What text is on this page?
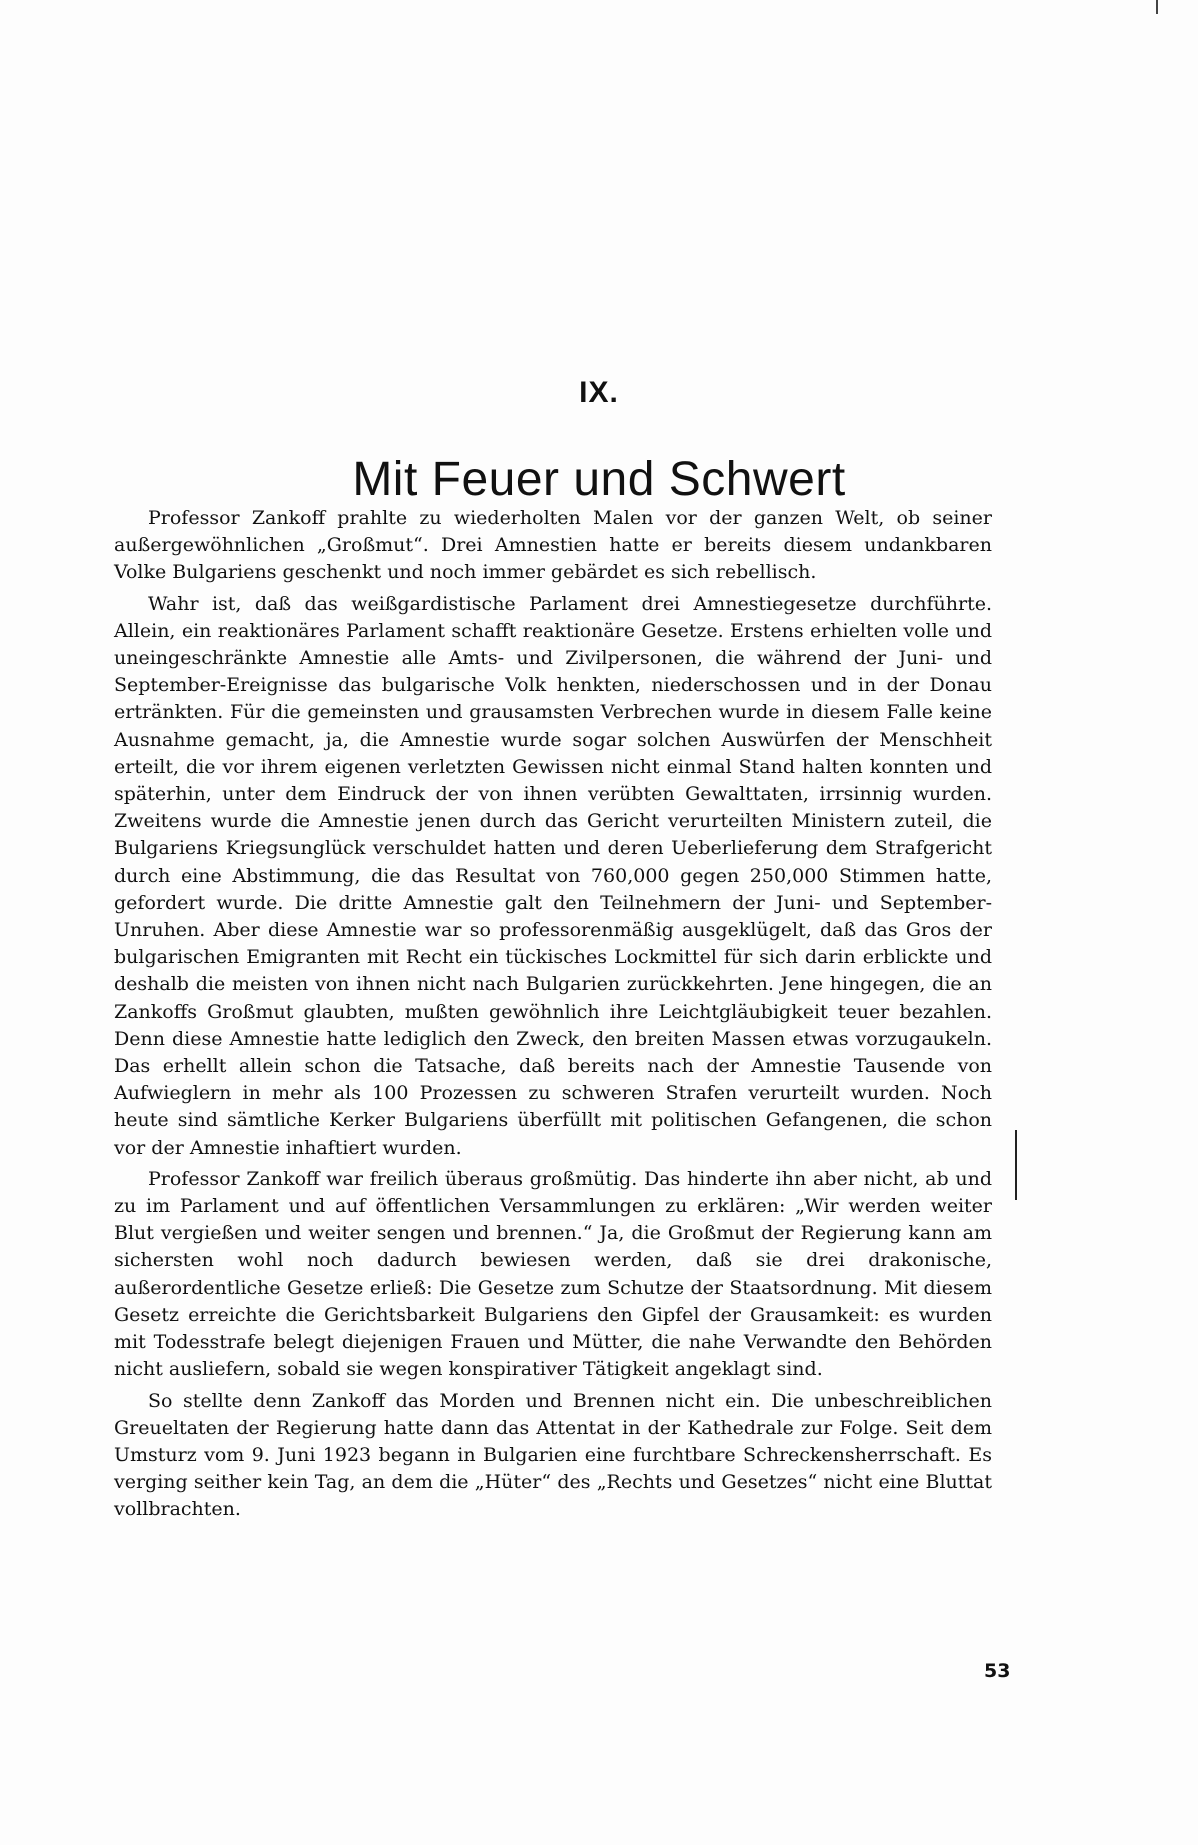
IX.
Mit Feuer und Schwert

Professor Zankoff prahlte zu wiederholten Malen vor der ganzen Welt, ob seiner außergewöhnlichen „Großmut“. Drei Amnestien hatte er bereits diesem undankbaren Volke Bulgariens geschenkt und noch immer gebärdet es sich rebellisch.

Wahr ist, daß das weißgardistische Parlament drei Amnestiegesetze durchführte. Allein, ein reaktionäres Parlament schafft reaktionäre Gesetze. Erstens erhielten volle und uneingeschränkte Amnestie alle Amts- und Zivilpersonen, die während der Juni- und September-Ereignisse das bulgarische Volk henkten, niederschossen und in der Donau ertränkten. Für die gemeinsten und grausamsten Verbrechen wurde in diesem Falle keine Ausnahme gemacht, ja, die Amnestie wurde sogar solchen Auswürfen der Menschheit erteilt, die vor ihrem eigenen verletzten Gewissen nicht einmal Stand halten konnten und späterhin, unter dem Eindruck der von ihnen verübten Gewalttaten, irrsinnig wurden. Zweitens wurde die Amnestie jenen durch das Gericht verurteilten Ministern zuteil, die Bulgariens Kriegsunglück verschuldet hatten und deren Ueberlieferung dem Strafgericht durch eine Abstimmung, die das Resultat von 760,000 gegen 250,000 Stimmen hatte, gefordert wurde. Die dritte Amnestie galt den Teilnehmern der Juni- und September-Unruhen. Aber diese Amnestie war so professorenmäßig ausgeklügelt, daß das Gros der bulgarischen Emigranten mit Recht ein tückisches Lockmittel für sich darin erblickte und deshalb die meisten von ihnen nicht nach Bulgarien zurückkehrten. Jene hingegen, die an Zankoffs Großmut glaubten, mußten gewöhnlich ihre Leichtgläubigkeit teuer bezahlen. Denn diese Amnestie hatte lediglich den Zweck, den breiten Massen etwas vorzugaukeln. Das erhellt allein schon die Tatsache, daß bereits nach der Amnestie Tausende von Aufwieglern in mehr als 100 Prozessen zu schweren Strafen verurteilt wurden. Noch heute sind sämtliche Kerker Bulgariens überfüllt mit politischen Gefangenen, die schon vor der Amnestie inhaftiert wurden.

Professor Zankoff war freilich überaus großmütig. Das hinderte ihn aber nicht, ab und zu im Parlament und auf öffentlichen Versammlungen zu erklären: „Wir werden weiter Blut vergießen und weiter sengen und brennen.“ Ja, die Großmut der Regierung kann am sichersten wohl noch dadurch bewiesen werden, daß sie drei drakonische, außerordentliche Gesetze erließ: Die Gesetze zum Schutze der Staatsordnung. Mit diesem Gesetz erreichte die Gerichtsbarkeit Bulgariens den Gipfel der Grausamkeit: es wurden mit Todesstrafe belegt diejenigen Frauen und Mütter, die nahe Verwandte den Behörden nicht ausliefern, sobald sie wegen konspirativer Tätigkeit angeklagt sind.

So stellte denn Zankoff das Morden und Brennen nicht ein. Die unbeschreiblichen Greueltaten der Regierung hatte dann das Attentat in der Kathedrale zur Folge. Seit dem Umsturz vom 9. Juni 1923 begann in Bulgarien eine furchtbare Schreckensherrschaft. Es verging seither kein Tag, an dem die „Hüter“ des „Rechts und Gesetzes“ nicht eine Bluttat vollbrachten.

53
